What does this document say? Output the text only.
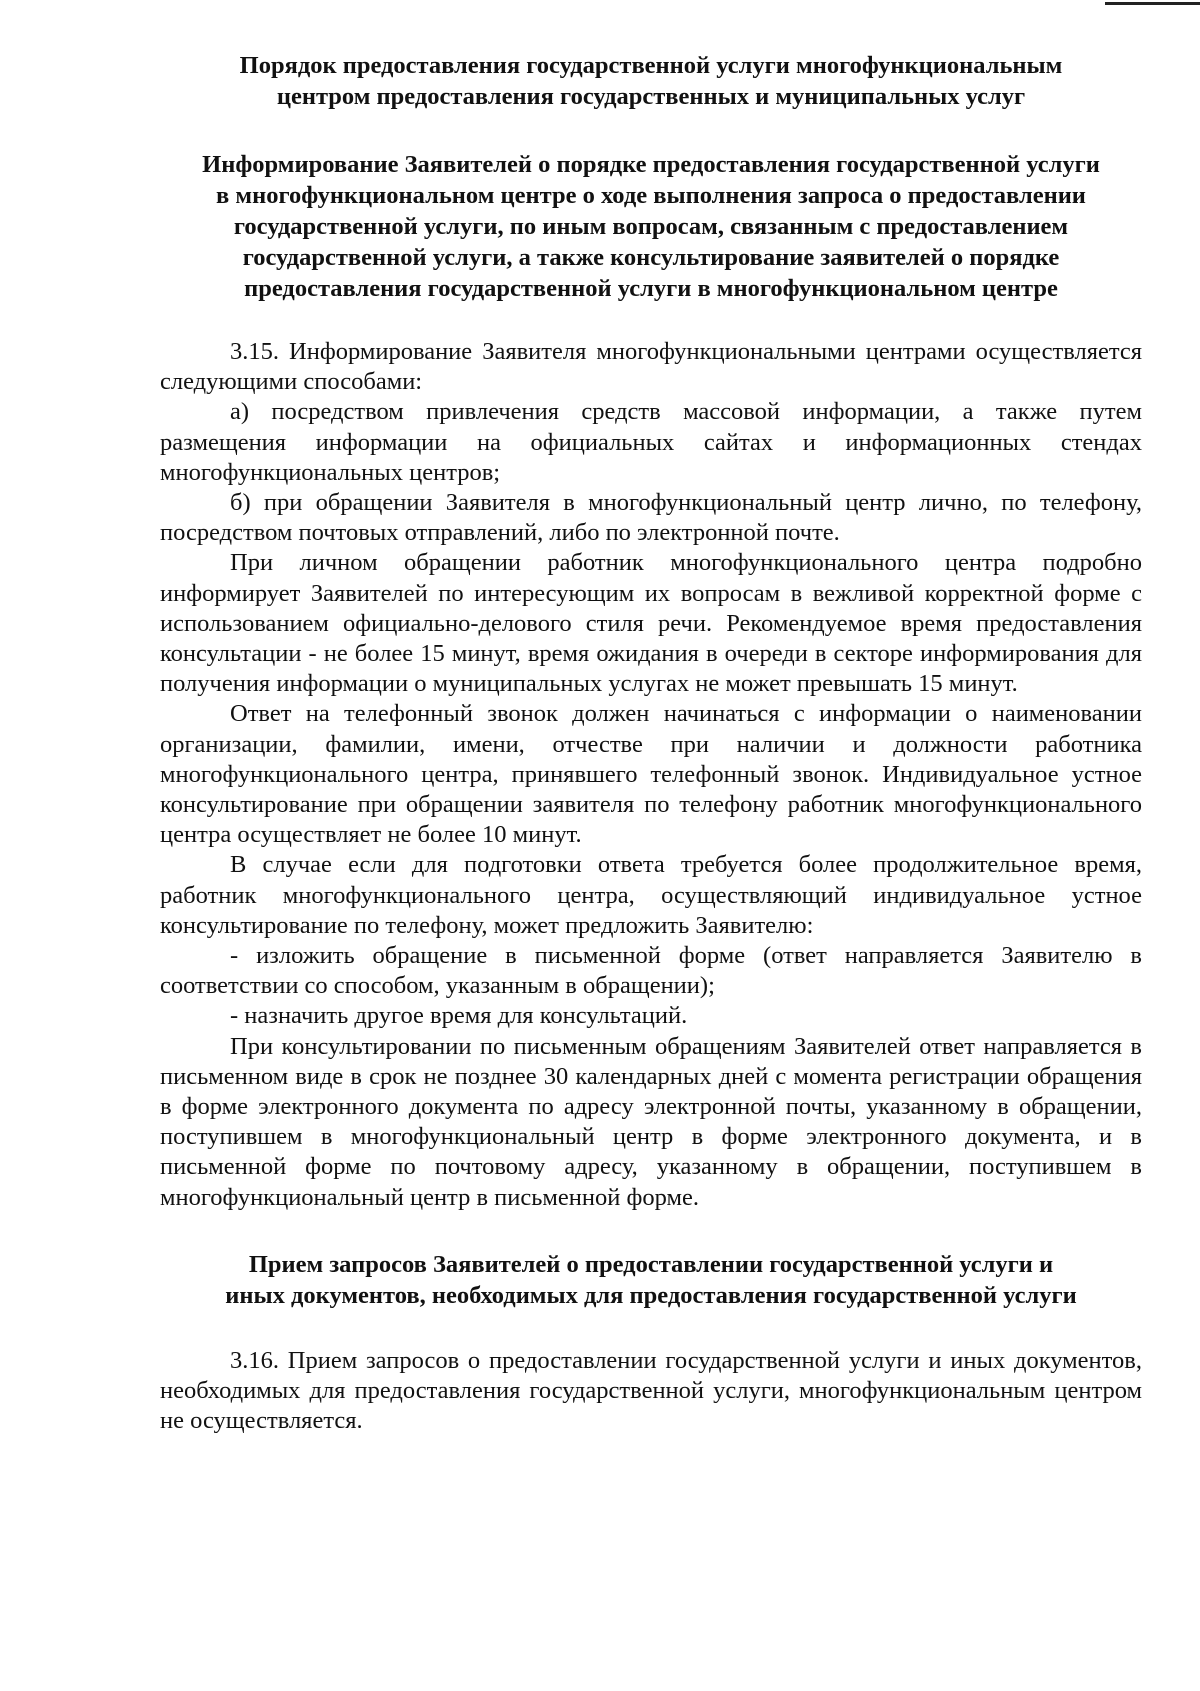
Порядок предоставления государственной услуги многофункциональным
центром предоставления государственных и муниципальных услуг
Информирование Заявителей о порядке предоставления государственной услуги
в многофункциональном центре о ходе выполнения запроса о предоставлении
государственной услуги, по иным вопросам, связанным с предоставлением
государственной услуги, а также консультирование заявителей о порядке
предоставления государственной услуги в многофункциональном центре

3.15. Информирование Заявителя многофункциональными центрами осуществляется следующими способами:

а) посредством привлечения средств массовой информации, а также путем размещения информации на официальных сайтах и информационных стендах многофункциональных центров;

б) при обращении Заявителя в многофункциональный центр лично, по телефону, посредством почтовых отправлений, либо по электронной почте.

При личном обращении работник многофункционального центра подробно информирует Заявителей по интересующим их вопросам в вежливой корректной форме с использованием официально-делового стиля речи. Рекомендуемое время предоставления консультации - не более 15 минут, время ожидания в очереди в секторе информирования для получения информации о муниципальных услугах не может превышать 15 минут.

Ответ на телефонный звонок должен начинаться с информации о наименовании организации, фамилии, имени, отчестве при наличии и должности работника многофункционального центра, принявшего телефонный звонок. Индивидуальное устное консультирование при обращении заявителя по телефону работник многофункционального центра осуществляет не более 10 минут.

В случае если для подготовки ответа требуется более продолжительное время, работник многофункционального центра, осуществляющий индивидуальное устное консультирование по телефону, может предложить Заявителю:

- изложить обращение в письменной форме (ответ направляется Заявителю в соответствии со способом, указанным в обращении);

- назначить другое время для консультаций.

При консультировании по письменным обращениям Заявителей ответ направляется в письменном виде в срок не позднее 30 календарных дней с момента регистрации обращения в форме электронного документа по адресу электронной почты, указанному в обращении, поступившем в многофункциональный центр в форме электронного документа, и в письменной форме по почтовому адресу, указанному в обращении, поступившем в многофункциональный центр в письменной форме.

Прием запросов Заявителей о предоставлении государственной услуги и
иных документов, необходимых для предоставления государственной услуги

3.16. Прием запросов о предоставлении государственной услуги и иных документов, необходимых для предоставления государственной услуги, многофункциональным центром не осуществляется.
